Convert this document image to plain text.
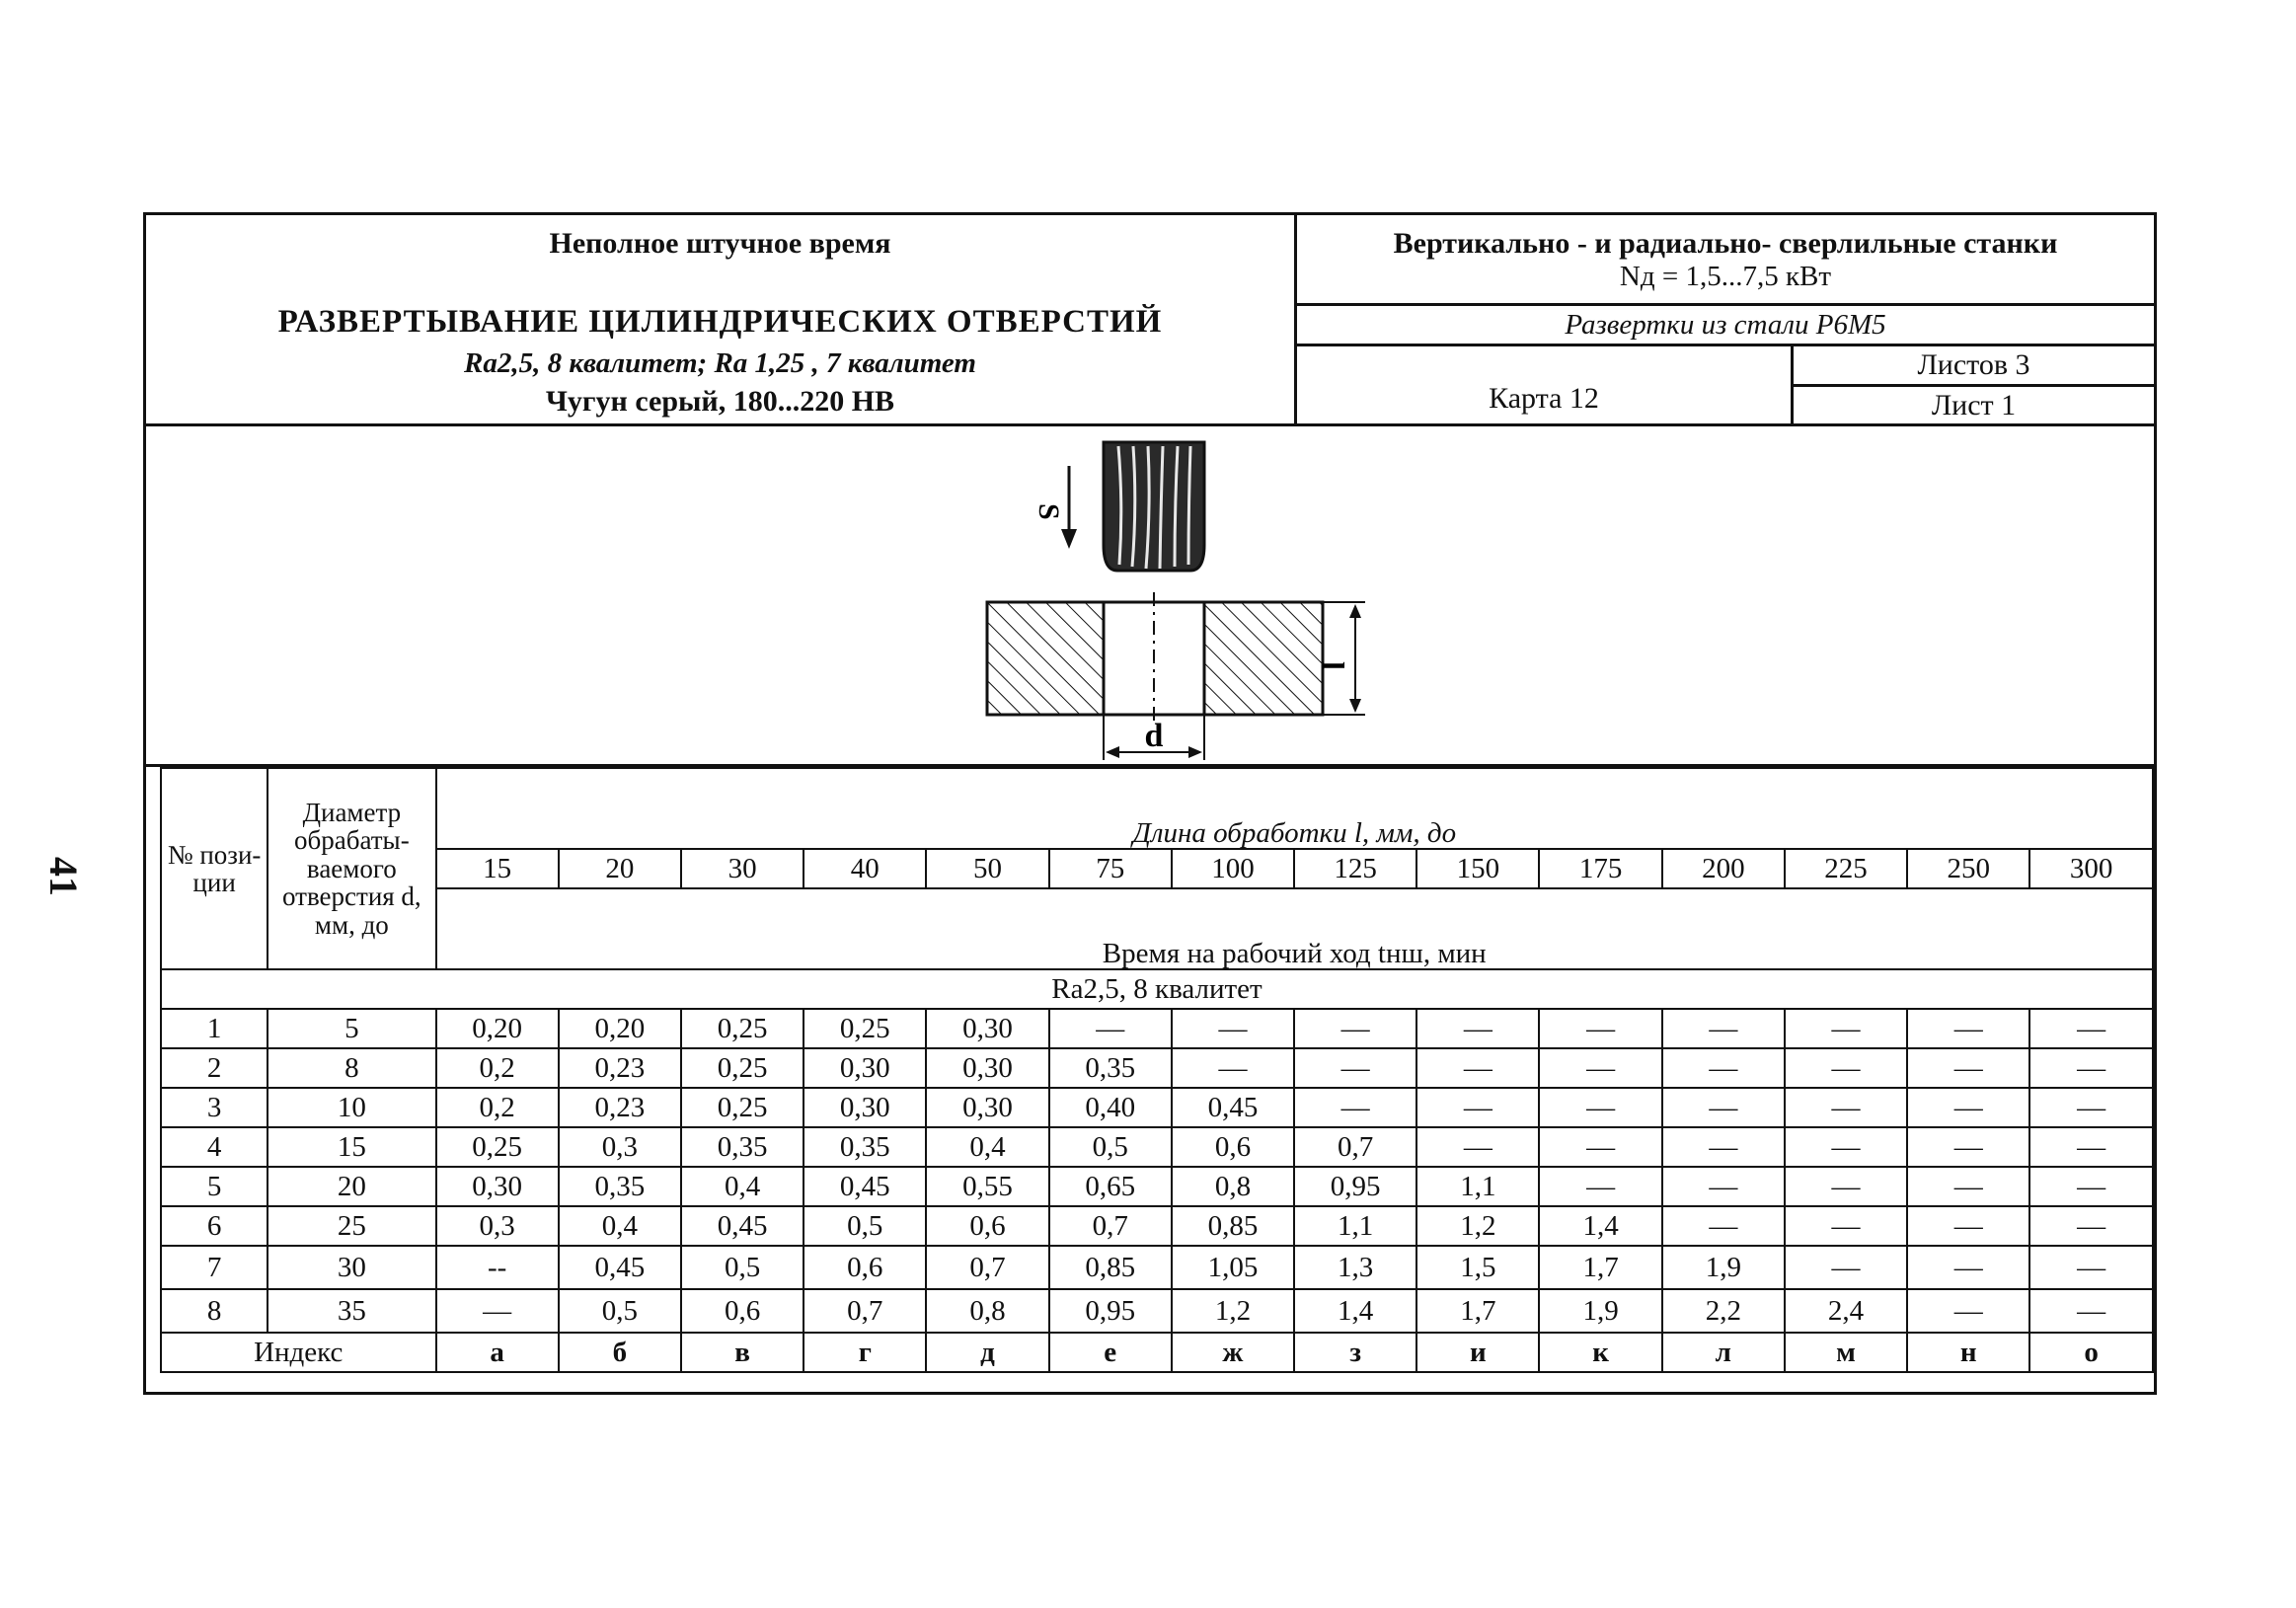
41
Неполное штучное время
РАЗВЕРТЫВАНИЕ ЦИЛИНДРИЧЕСКИХ ОТВЕРСТИЙ
Ra2,5, 8 квалитет; Ra 1,25 , 7 квалитет
Чугун серый, 180...220 НВ
Вертикально - и радиально- сверлильные станки
Nд = 1,5...7,5 кВт
Развертки из стали Р6М5
Карта 12
Листов 3
Лист 1
S
l
d
№ пози- ции	Диаметр обрабаты- ваемого отверстия d, мм, до	Длина обработки l, мм, до													
		15	20	30	40	50	75	100	125	150	175	200	225	250	300
		Время на рабочий ход tнш, мин													
Ra2,5, 8 квалитет															
1	5	0,20	0,20	0,25	0,25	0,30	—	—	—	—	—	—	—	—	—
2	8	0,2	0,23	0,25	0,30	0,30	0,35	—	—	—	—	—	—	—	—
3	10	0,2	0,23	0,25	0,30	0,30	0,40	0,45	—	—	—	—	—	—	—
4	15	0,25	0,3	0,35	0,35	0,4	0,5	0,6	0,7	—	—	—	—	—	—
5	20	0,30	0,35	0,4	0,45	0,55	0,65	0,8	0,95	1,1	—	—	—	—	—
6	25	0,3	0,4	0,45	0,5	0,6	0,7	0,85	1,1	1,2	1,4	—	—	—	—
7	30	--	0,45	0,5	0,6	0,7	0,85	1,05	1,3	1,5	1,7	1,9	—	—	—
8	35	—	0,5	0,6	0,7	0,8	0,95	1,2	1,4	1,7	1,9	2,2	2,4	—	—
Индекс		а	б	в	г	д	е	ж	з	и	к	л	м	н	о
